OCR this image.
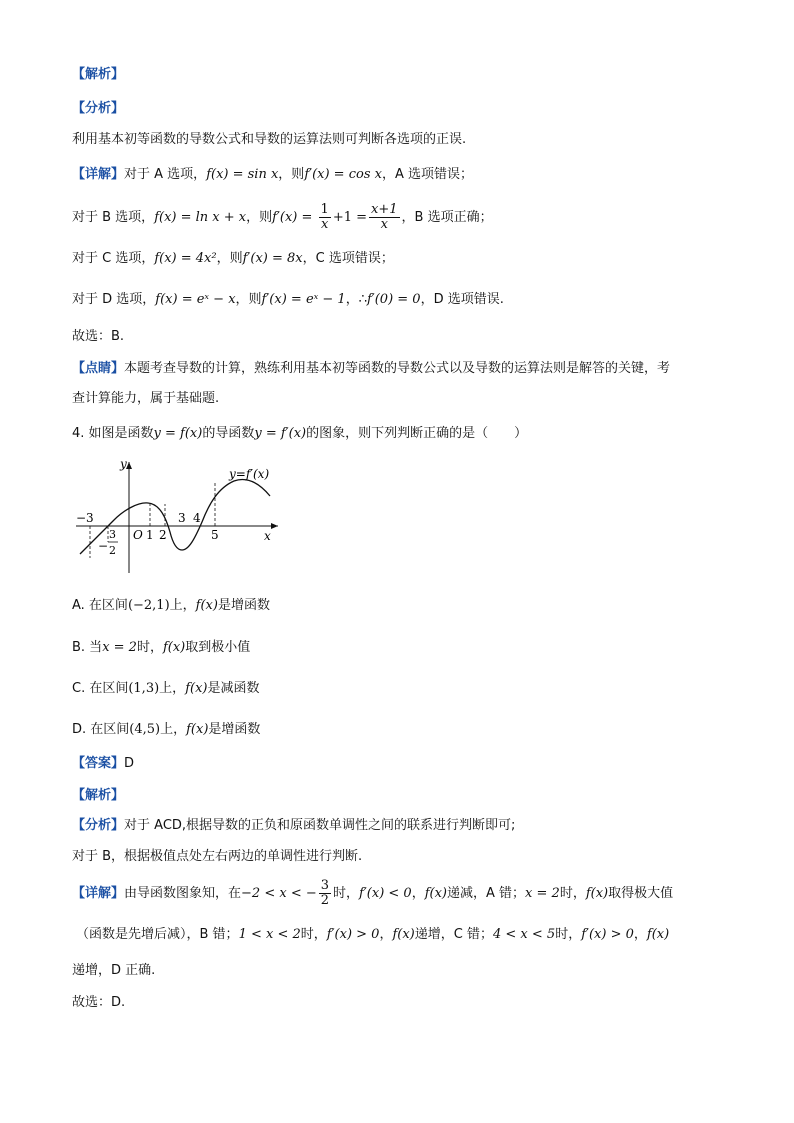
【解析】
【分析】
利用基本初等函数的导数公式和导数的运算法则可判断各选项的正误.
【详解】对于 A 选项，f(x) = sin x，则f′(x) = cos x，A 选项错误；
对于 B 选项，f(x) = ln x + x，则$f'(x) = \frac{1}{x} +1 = \frac{x+1}{x}$ ，B 选项正确；
对于 C 选项，f(x) = 4x²，则f′(x) = 8x，C 选项错误；
对于 D 选项，f(x) = eˣ − x，则f′(x) = eˣ − 1，∴f′(0) = 0，D 选项错误.
故选：B.
【点睛】本题考查导数的计算，熟练利用基本初等函数的导数公式以及导数的运算法则是解答的关键，考
查计算能力，属于基础题.
4. 如图是函数y = f(x)的导函数y = f′(x)的图象，则下列判断正确的是（　　）
y
x
y=f′(x)
O
−3
−
3
2
1 2
3 4
5
A. 在区间(−2,1)上，f(x)是增函数
B. 当x = 2时，f(x)取到极小值
C. 在区间(1,3)上，f(x)是减函数
D. 在区间(4,5)上，f(x)是增函数
【答案】D
【解析】
【分析】对于 ACD,根据导数的正负和原函数单调性之间的联系进行判断即可;
对于 B，根据极值点处左右两边的单调性进行判断.
【详解】由导函数图象知，在−2 < x < − $\frac{3}{2}$ 时，f′(x) < 0，f(x)递减，A 错；x = 2时，f(x)取得极大值
（函数是先增后减），B 错；1 < x < 2时，f′(x) > 0，f(x)递增，C 错；4 < x < 5时，f′(x) > 0，f(x)
递增，D 正确.
故选：D.
